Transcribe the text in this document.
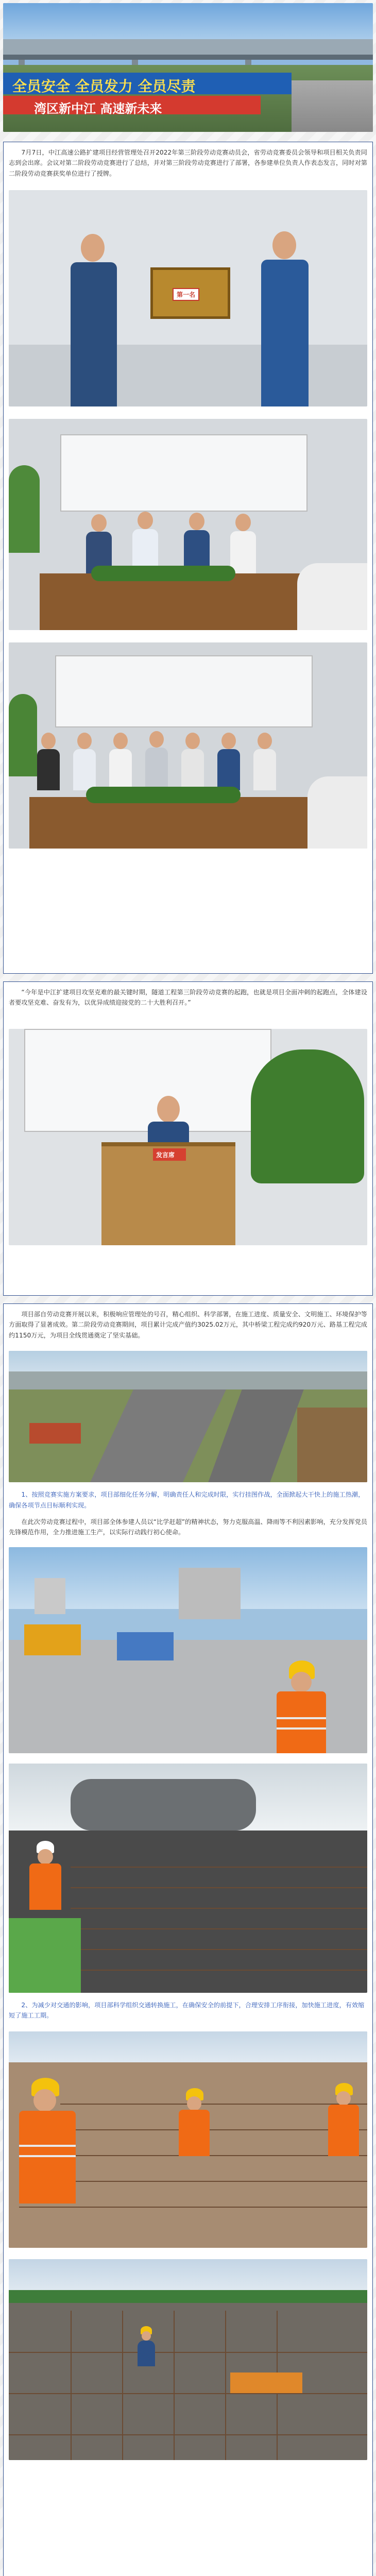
全员安全 全员发力 全员尽责
湾区新中江 高速新未来

7月7日，中江高速公路扩建项目经营管理处召开2022年第三阶段劳动竞赛动员会，省劳动竞赛委员会领导和项目相关负责同志到会出席。会议对第二阶段劳动竞赛进行了总结，并对第三阶段劳动竞赛进行了部署，各参建单位负责人作表态发言，同时对第二阶段劳动竞赛获奖单位进行了授牌。

第一名

“今年是中江扩建项目攻坚克难的最关键时期，隧道工程第三阶段劳动竞赛的起跑，也就是项目全面冲刺的起跑点，全体建设者要攻坚克难、奋发有为，以优异成绩迎接党的二十大胜利召开。”

发言席

项目部自劳动竞赛开展以来，积极响应管理处的号召，精心组织、科学部署，在施工进度、质量安全、文明施工、环境保护等方面取得了显著成效。第二阶段劳动竞赛期间，项目累计完成产值约3025.02万元，其中桥梁工程完成约920万元、路基工程完成约1150万元，为项目全线贯通奠定了坚实基础。

1、按照竞赛实施方案要求，项目部细化任务分解，明确责任人和完成时限，实行挂图作战，全面掀起大干快上的施工热潮，确保各项节点目标顺利实现。

在此次劳动竞赛过程中，项目部全体参建人员以“比学赶超”的精神状态，努力克服高温、降雨等不利因素影响，充分发挥党员先锋模范作用，全力推进施工生产，以实际行动践行初心使命。

2、为减少对交通的影响，项目部科学组织交通转换施工，在确保安全的前提下，合理安排工序衔接，加快施工进度，有效缩短了施工工期。
